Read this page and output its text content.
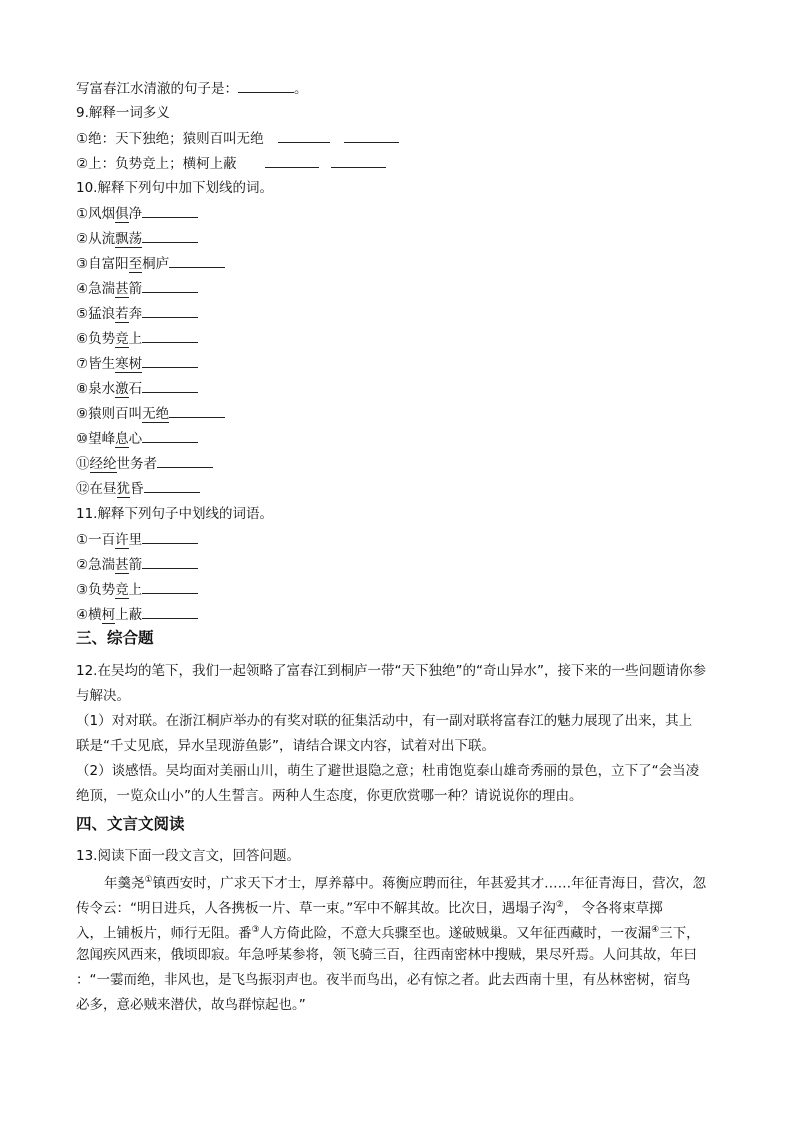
写富春江水清澈的句子是：	。
9.解释一词多义
①绝：天下独绝；猿则百叫无绝
②上：负势竞上；横柯上蔽
10.解释下列句中加下划线的词。
①风烟俱净
②从流飘荡
③自富阳至桐庐
④急湍甚箭
⑤猛浪若奔
⑥负势竞上
⑦皆生寒树
⑧泉水激石
⑨猿则百叫无绝
⑩望峰息心
⑪经纶世务者
⑫在昼犹昏
11.解释下列句子中划线的词语。
①一百许里
②急湍甚箭
③负势竞上
④横柯上蔽
三、综合题
12.在吴均的笔下，我们一起领略了富春江到桐庐一带“天下独绝”的“奇山异水”，接下来的一些问题请你参
与解决。
（1）对对联。在浙江桐庐举办的有奖对联的征集活动中，有一副对联将富春江的魅力展现了出来，其上
联是“千丈见底，异水呈现游鱼影”，请结合课文内容，试着对出下联。
（2）谈感悟。吴均面对美丽山川，萌生了避世退隐之意；杜甫饱览泰山雄奇秀丽的景色，立下了“会当凌
绝顶，一览众山小”的人生誓言。两种人生态度，你更欣赏哪一种？请说说你的理由。
四、文言文阅读
13.阅读下面一段文言文，回答问题。
年羹尧①镇西安时，广求天下才士，厚养幕中。蒋衡应聘而往，年甚爱其才……年征青海日，营次，忽
传令云：“明日进兵，人各携板一片、草一束。”军中不解其故。比次日，遇塌子沟②， 令各将束草掷
入，上铺板片，师行无阻。番③人方倚此险，不意大兵骤至也。遂破贼巢。又年征西藏时，一夜漏④三下，
忽闻疾风西来，俄顷即寂。年急呼某参将，领飞骑三百，往西南密林中搜贼，果尽歼焉。人问其故，年曰
：“一霎而绝，非风也，是飞鸟振羽声也。夜半而鸟出，必有惊之者。此去西南十里，有丛林密树，宿鸟
必多，意必贼来潜伏，故鸟群惊起也。”
